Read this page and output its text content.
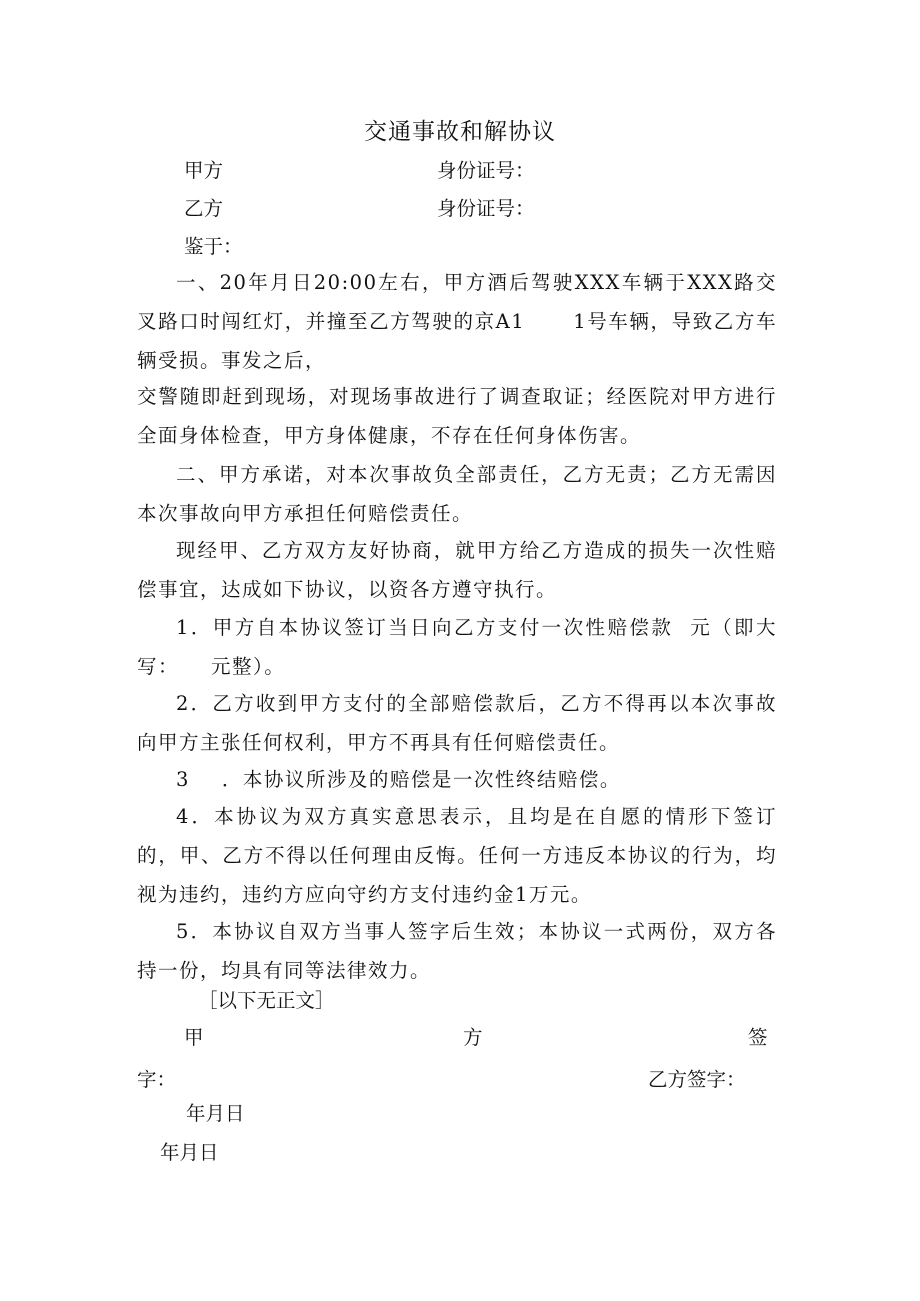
交通事故和解协议
甲方	身份证号：
乙方	身份证号：
鉴于：
一、20年月日20:00左右，甲方酒后驾驶XXX车辆于XXX路交叉路口时闯红灯，并撞至乙方驾驶的京A1 1号车辆，导致乙方车辆受损。事发之后，
交警随即赶到现场，对现场事故进行了调查取证；经医院对甲方进行全面身体检查，甲方身体健康，不存在任何身体伤害。
二、甲方承诺，对本次事故负全部责任，乙方无责；乙方无需因本次事故向甲方承担任何赔偿责任。
现经甲、乙方双方友好协商，就甲方给乙方造成的损失一次性赔偿事宜，达成如下协议，以资各方遵守执行。
1．甲方自本协议签订当日向乙方支付一次性赔偿款 元（即大写： 元整）。
2．乙方收到甲方支付的全部赔偿款后，乙方不得再以本次事故向甲方主张任何权利，甲方不再具有任何赔偿责任。
3 ．本协议所涉及的赔偿是一次性终结赔偿。
4．本协议为双方真实意思表示，且均是在自愿的情形下签订的，甲、乙方不得以任何理由反悔。任何一方违反本协议的行为，均视为违约，违约方应向守约方支付违约金1万元。
5．本协议自双方当事人签字后生效；本协议一式两份，双方各持一份，均具有同等法律效力。
［以下无正文］
甲	方	签
字：	乙方签字：
年月日
年月日
